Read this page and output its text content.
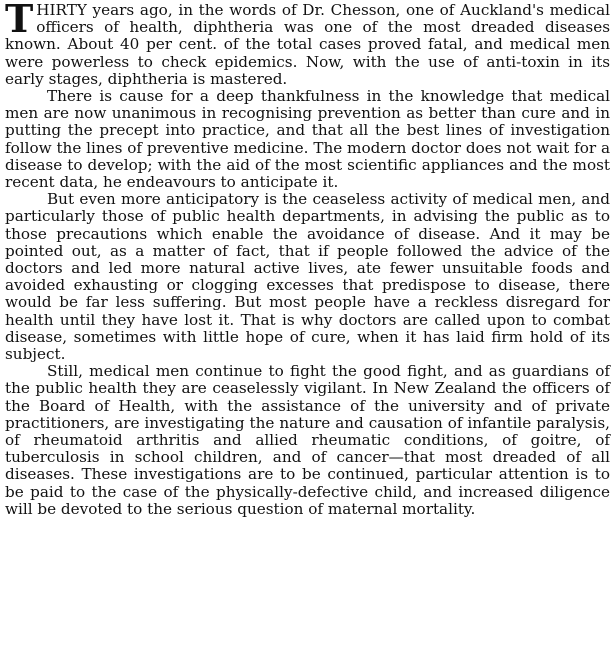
T HIRTY years ago, in the words of Dr. Chesson, one of Auckland's medical officers of health, diphtheria was one of the most dreaded diseases known. About 40 per cent. of the total cases proved fatal, and medical men were powerless to check epidemics. Now, with the use of anti-toxin in its early stages, diphtheria is mastered.

There is cause for a deep thankfulness in the knowledge that medical men are now unanimous in recognising prevention as better than cure and in putting the precept into practice, and that all the best lines of investigation follow the lines of preventive medicine. The modern doctor does not wait for a disease to develop; with the aid of the most scientific appliances and the most recent data, he endeavours to anticipate it.

But even more anticipatory is the ceaseless activity of medical men, and particularly those of public health departments, in advising the public as to those precautions which enable the avoidance of disease. And it may be pointed out, as a matter of fact, that if people followed the advice of the doctors and led more natural active lives, ate fewer unsuitable foods and avoided exhausting or clogging excesses that predispose to disease, there would be far less suffering. But most people have a reckless disregard for health until they have lost it. That is why doctors are called upon to combat disease, sometimes with little hope of cure, when it has laid firm hold of its subject.

Still, medical men continue to fight the good fight, and as guardians of the public health they are ceaselessly vigilant. In New Zealand the officers of the Board of Health, with the assistance of the university and of private practitioners, are investigating the nature and causation of infantile paralysis, of rheumatoid arthritis and allied rheumatic conditions, of goitre, of tuberculosis in school children, and of cancer—that most dreaded of all diseases. These investigations are to be continued, particular attention is to be paid to the case of the physically-defective child, and increased diligence will be devoted to the serious question of maternal mortality.
